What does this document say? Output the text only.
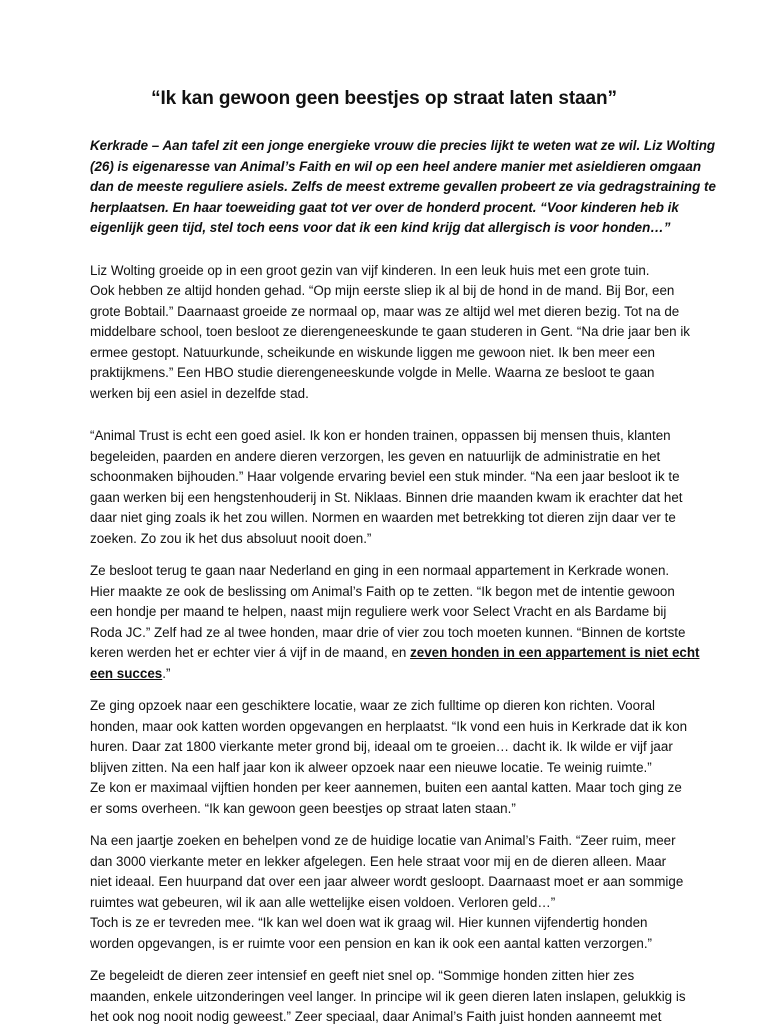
“Ik kan gewoon geen beestjes op straat laten staan”
Kerkrade – Aan tafel zit een jonge energieke vrouw die precies lijkt te weten wat ze wil. Liz Wolting
(26) is eigenaresse van Animal’s Faith en wil op een heel andere manier met asieldieren omgaan
dan de meeste reguliere asiels. Zelfs de meest extreme gevallen probeert ze via gedragstraining te
herplaatsen. En haar toeweiding gaat tot ver over de honderd procent. “Voor kinderen heb ik
eigenlijk geen tijd, stel toch eens voor dat ik een kind krijg dat allergisch is voor honden…”
Liz Wolting groeide op in een groot gezin van vijf kinderen. In een leuk huis met een grote tuin.
Ook hebben ze altijd honden gehad. “Op mijn eerste sliep ik al bij de hond in de mand. Bij Bor, een
grote Bobtail.” Daarnaast groeide ze normaal op, maar was ze altijd wel met dieren bezig. Tot na de
middelbare school, toen besloot ze dierengeneeskunde te gaan studeren in Gent. “Na drie jaar ben ik
ermee gestopt. Natuurkunde, scheikunde en wiskunde liggen me gewoon niet. Ik ben meer een
praktijkmens.” Een HBO studie dierengeneeskunde volgde in Melle. Waarna ze besloot te gaan
werken bij een asiel in dezelfde stad.
“Animal Trust is echt een goed asiel. Ik kon er honden trainen, oppassen bij mensen thuis, klanten
begeleiden, paarden en andere dieren verzorgen, les geven en natuurlijk de administratie en het
schoonmaken bijhouden.” Haar volgende ervaring beviel een stuk minder. “Na een jaar besloot ik te
gaan werken bij een hengstenhouderij in St. Niklaas. Binnen drie maanden kwam ik erachter dat het
daar niet ging zoals ik het zou willen. Normen en waarden met betrekking tot dieren zijn daar ver te
zoeken. Zo zou ik het dus absoluut nooit doen.”
Ze besloot terug te gaan naar Nederland en ging in een normaal appartement in Kerkrade wonen.
Hier maakte ze ook de beslissing om Animal’s Faith op te zetten. “Ik begon met de intentie gewoon
een hondje per maand te helpen, naast mijn reguliere werk voor Select Vracht en als Bardame bij
Roda JC.” Zelf had ze al twee honden, maar drie of vier zou toch moeten kunnen. “Binnen de kortste
keren werden het er echter vier á vijf in de maand, en zeven honden in een appartement is niet echt
een succes.”
Ze ging opzoek naar een geschiktere locatie, waar ze zich fulltime op dieren kon richten. Vooral
honden, maar ook katten worden opgevangen en herplaatst. “Ik vond een huis in Kerkrade dat ik kon
huren. Daar zat 1800 vierkante meter grond bij, ideaal om te groeien… dacht ik. Ik wilde er vijf jaar
blijven zitten. Na een half jaar kon ik alweer opzoek naar een nieuwe locatie. Te weinig ruimte.”
Ze kon er maximaal vijftien honden per keer aannemen, buiten een aantal katten. Maar toch ging ze
er soms overheen. “Ik kan gewoon geen beestjes op straat laten staan.”
Na een jaartje zoeken en behelpen vond ze de huidige locatie van Animal’s Faith. “Zeer ruim, meer
dan 3000 vierkante meter en lekker afgelegen. Een hele straat voor mij en de dieren alleen. Maar
niet ideaal. Een huurpand dat over een jaar alweer wordt gesloopt. Daarnaast moet er aan sommige
ruimtes wat gebeuren, wil ik aan alle wettelijke eisen voldoen. Verloren geld…”
Toch is ze er tevreden mee. “Ik kan wel doen wat ik graag wil. Hier kunnen vijfendertig honden
worden opgevangen, is er ruimte voor een pension en kan ik ook een aantal katten verzorgen.”
Ze begeleidt de dieren zeer intensief en geeft niet snel op. “Sommige honden zitten hier zes
maanden, enkele uitzonderingen veel langer. In principe wil ik geen dieren laten inslapen, gelukkig is
het ook nog nooit nodig geweest.” Zeer speciaal, daar Animal’s Faith juist honden aanneemt met
